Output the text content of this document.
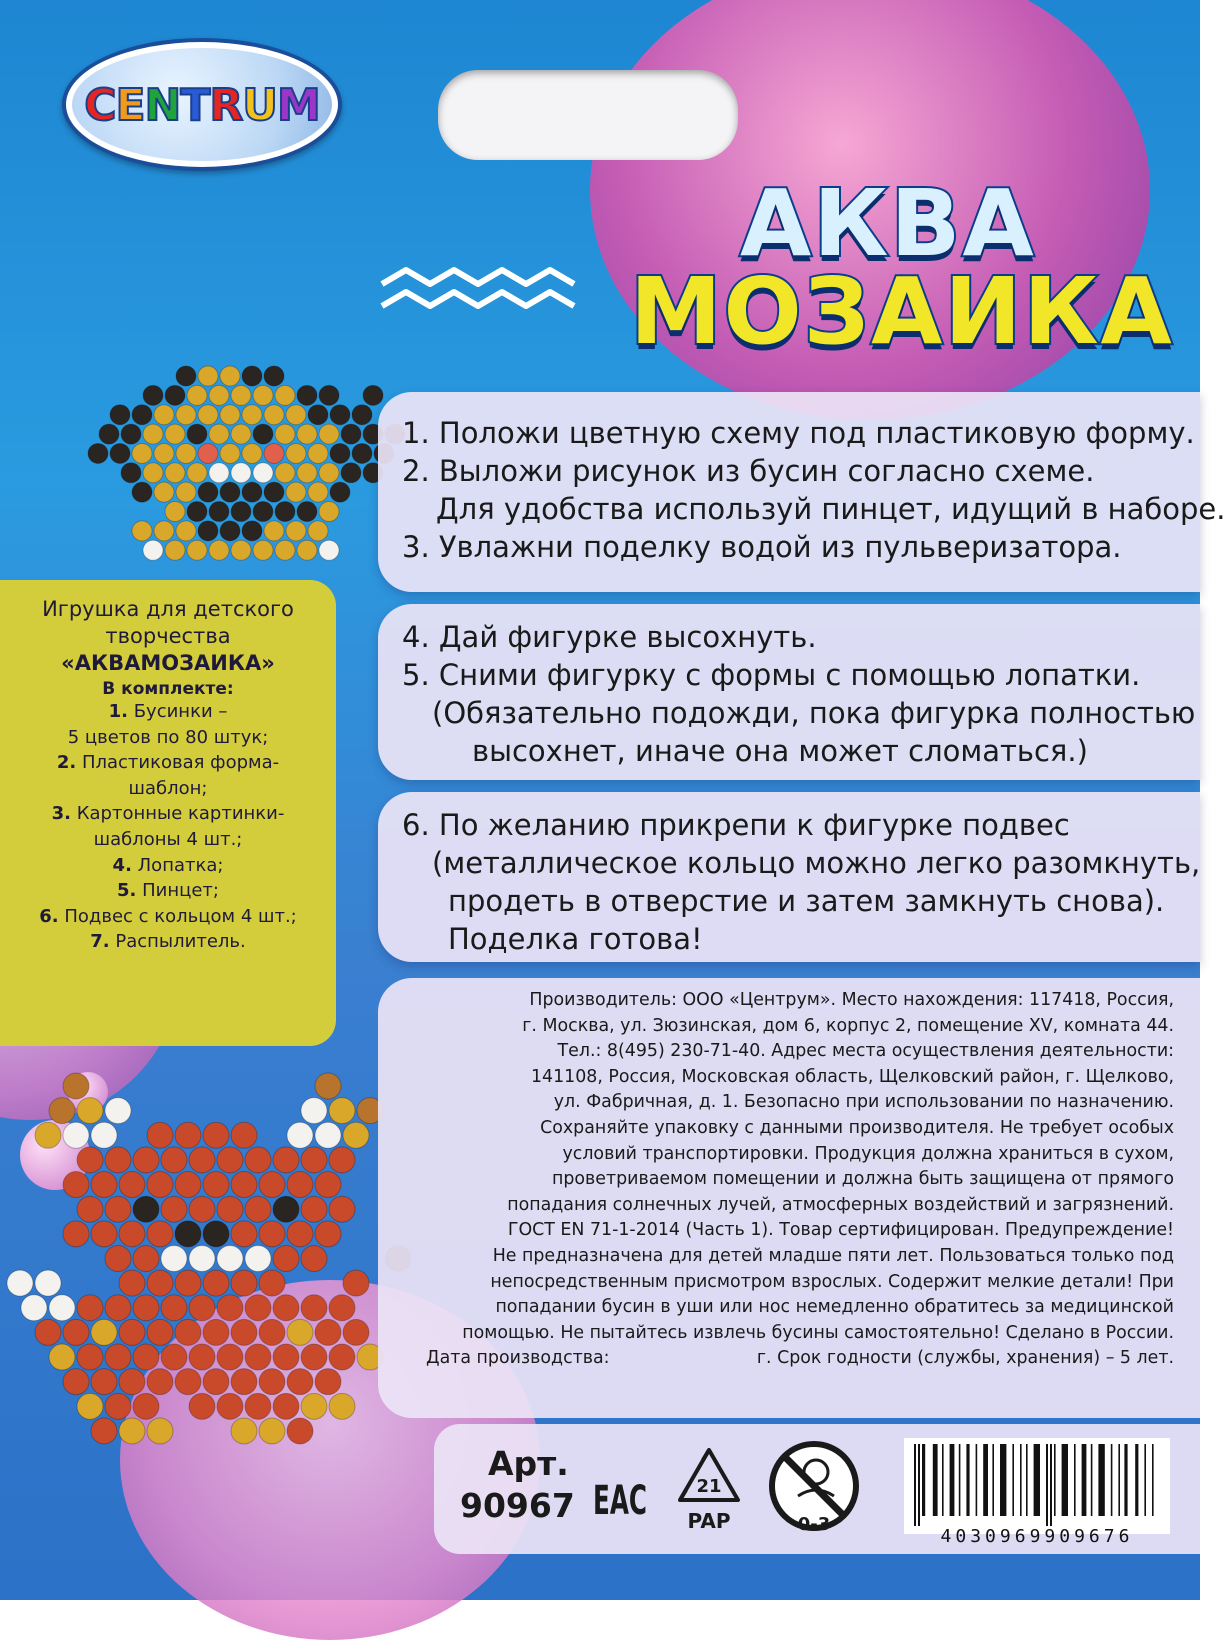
CENTRUM
АКВА
МОЗАИКА
1. Положи цветную схему под пластиковую форму.
2. Выложи рисунок из бусин согласно схеме.
Для удобства используй пинцет, идущий в наборе.
3. Увлажни поделку водой из пульверизатора.
4. Дай фигурке высохнуть.
5. Сними фигурку с формы с помощью лопатки.
(Обязательно подожди, пока фигурка полностью
высохнет, иначе она может сломаться.)
6. По желанию прикрепи к фигурке подвес
(металлическое кольцо можно легко разомкнуть,
продеть в отверстие и затем замкнуть снова).
Поделка готова!
Игрушка для детского
творчества
«АКВАМОЗАИКА»
В комплекте:
1. Бусинки –
5 цветов по 80 штук;
2. Пластиковая форма-
шаблон;
3. Картонные картинки-
шаблоны 4 шт.;
4. Лопатка;
5. Пинцет;
6. Подвес с кольцом 4 шт.;
7. Распылитель.
Производитель: ООО «Центрум». Место нахождения: 117418, Россия,
г. Москва, ул. Зюзинская, дом 6, корпус 2, помещение XV, комната 44.
Тел.: 8(495) 230-71-40. Адрес места осуществления деятельности:
141108, Россия, Московская область, Щелковский район, г. Щелково,
ул. Фабричная, д. 1. Безопасно при использовании по назначению.
Сохраняйте упаковку с данными производителя. Не требует особых
условий транспортировки. Продукция должна храниться в сухом,
проветриваемом помещении и должна быть защищена от прямого
попадания солнечных лучей, атмосферных воздействий и загрязнений.
ГОСТ EN 71-1-2014 (Часть 1). Товар сертифицирован. Предупреждение!
Не предназначена для детей младше пяти лет. Пользоваться только под
непосредственным присмотром взрослых. Содержит мелкие детали! При
попадании бусин в уши или нос немедленно обратитесь за медицинской
помощью. Не пытайтесь извлечь бусины самостоятельно! Сделано в России.
Дата производства:	г. Срок годности (службы, хранения) – 5 лет.
Арт.
90967 ЕАС	21
PAP	0-3
4030969909676
